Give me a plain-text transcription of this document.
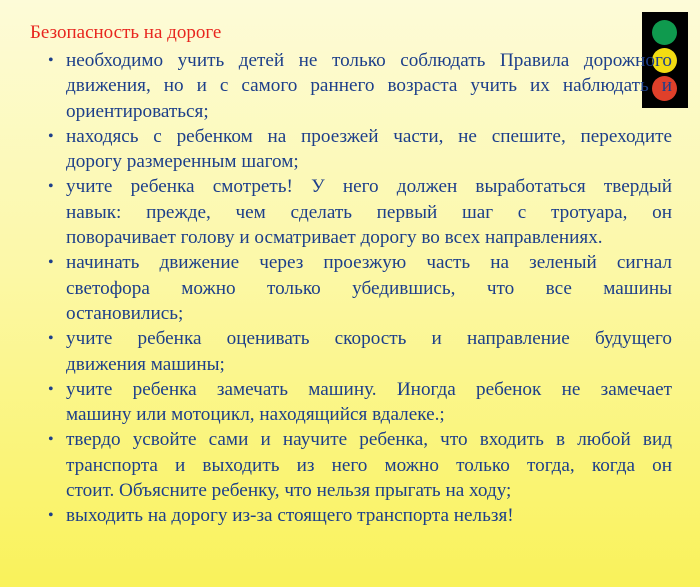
Безопасность на дороге
• необходимо учить детей не только соблюдать Правила дорожного
движения, но и с самого раннего возраста учить их наблюдать и
ориентироваться;
• находясь с ребенком на проезжей части, не спешите, переходите
дорогу размеренным шагом;
• учите ребенка смотреть! У него должен выработаться твердый
навык: прежде, чем сделать первый шаг с тротуара, он
поворачивает голову и осматривает дорогу во всех направлениях.
• начинать движение через проезжую часть на зеленый сигнал
светофора можно только убедившись, что все машины
остановились;
• учите ребенка оценивать скорость и направление будущего
движения машины;
• учите ребенка замечать машину. Иногда ребенок не замечает
машину или мотоцикл, находящийся вдалеке.;
• твердо усвойте сами и научите ребенка, что входить в любой вид
транспорта и выходить из него можно только тогда, когда он
стоит. Объясните ребенку, что нельзя прыгать на ходу;
• выходить на дорогу из-за стоящего транспорта нельзя!
